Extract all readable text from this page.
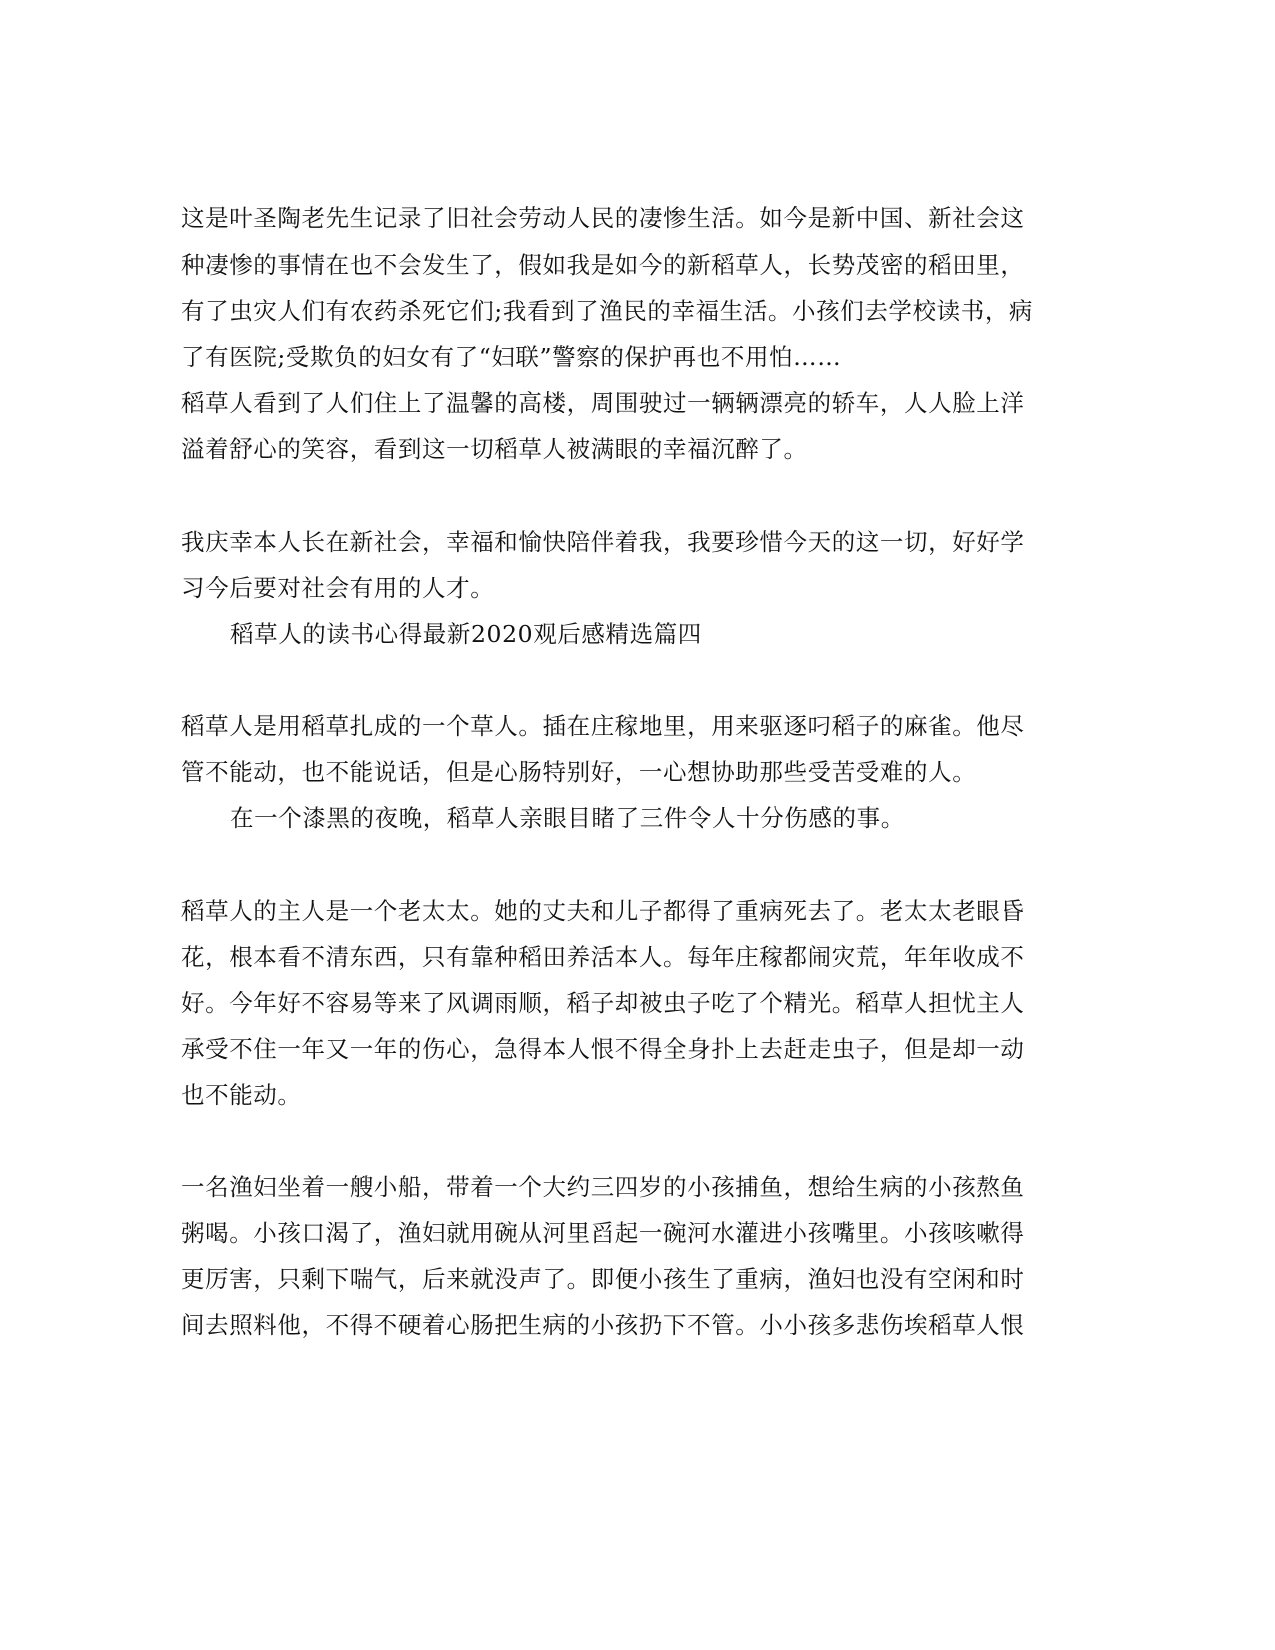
这是叶圣陶老先生记录了旧社会劳动人民的凄惨生活。如今是新中国、新社会这
种凄惨的事情在也不会发生了，假如我是如今的新稻草人，长势茂密的稻田里，
有了虫灾人们有农药杀死它们;我看到了渔民的幸福生活。小孩们去学校读书，病
了有医院;受欺负的妇女有了“妇联”警察的保护再也不用怕……
稻草人看到了人们住上了温馨的高楼，周围驶过一辆辆漂亮的轿车，人人脸上洋
溢着舒心的笑容，看到这一切稻草人被满眼的幸福沉醉了。
我庆幸本人长在新社会，幸福和愉快陪伴着我，我要珍惜今天的这一切，好好学
习今后要对社会有用的人才。
稻草人的读书心得最新2020观后感精选篇四
稻草人是用稻草扎成的一个草人。插在庄稼地里，用来驱逐叼稻子的麻雀。他尽
管不能动，也不能说话，但是心肠特别好，一心想协助那些受苦受难的人。
在一个漆黑的夜晚，稻草人亲眼目睹了三件令人十分伤感的事。
稻草人的主人是一个老太太。她的丈夫和儿子都得了重病死去了。老太太老眼昏
花，根本看不清东西，只有靠种稻田养活本人。每年庄稼都闹灾荒，年年收成不
好。今年好不容易等来了风调雨顺，稻子却被虫子吃了个精光。稻草人担忧主人
承受不住一年又一年的伤心，急得本人恨不得全身扑上去赶走虫子，但是却一动
也不能动。
一名渔妇坐着一艘小船，带着一个大约三四岁的小孩捕鱼，想给生病的小孩熬鱼
粥喝。小孩口渴了，渔妇就用碗从河里舀起一碗河水灌进小孩嘴里。小孩咳嗽得
更厉害，只剩下喘气，后来就没声了。即便小孩生了重病，渔妇也没有空闲和时
间去照料他，不得不硬着心肠把生病的小孩扔下不管。小小孩多悲伤埃稻草人恨
